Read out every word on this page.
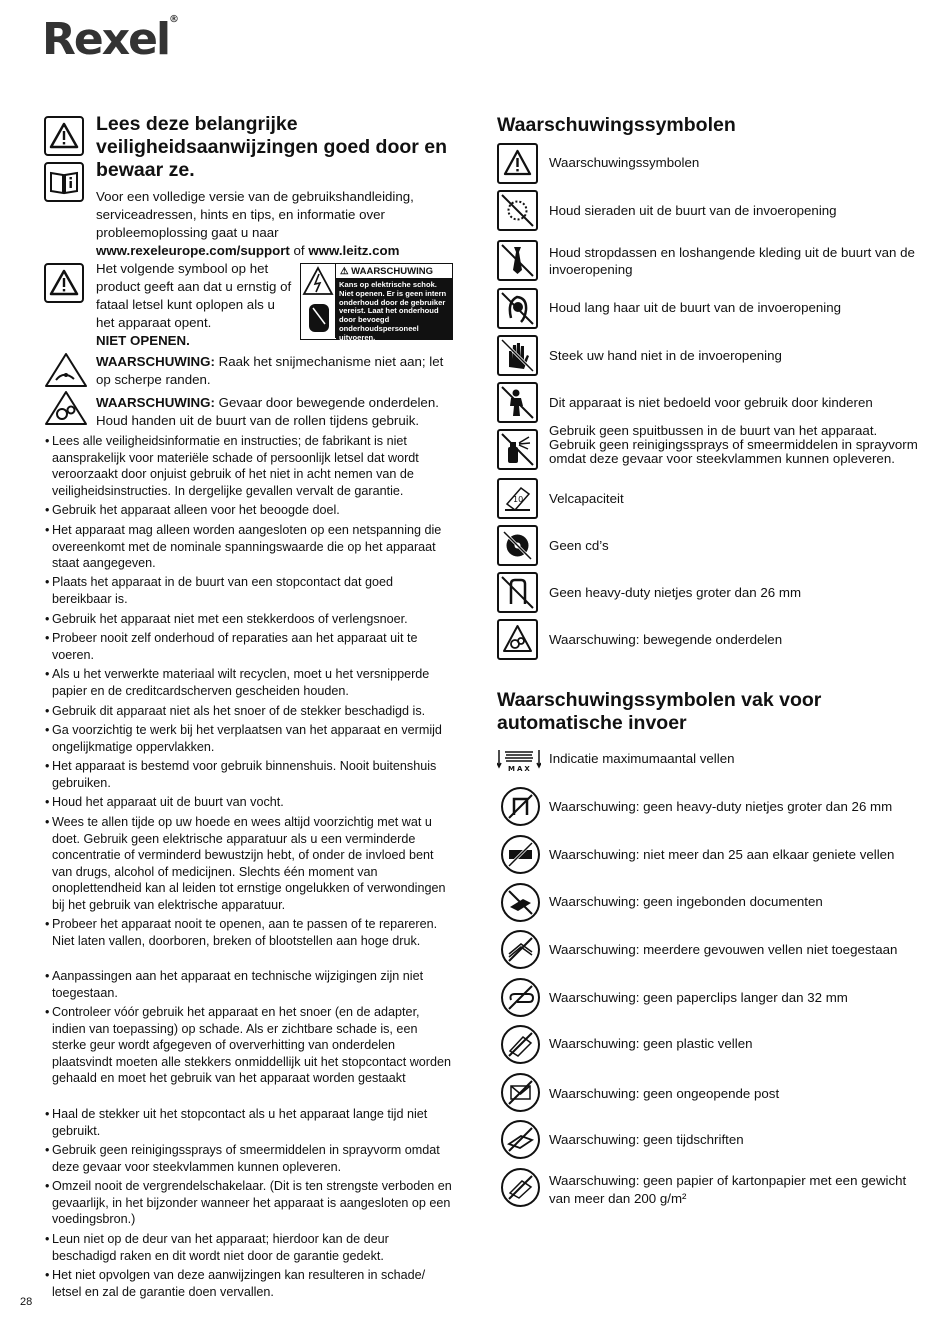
Rexel®
Lees deze belangrijke veiligheidsaanwijzingen goed door en bewaar ze.
Voor een volledige versie van de gebruikshandleiding, serviceadressen, hints en tips, en informatie over probleemoplossing gaat u naar
www.rexeleurope.com/support of www.leitz.com
Het volgende symbool op het product geeft aan dat u ernstig of fataal letsel kunt oplopen als u het apparaat opent.
NIET OPENEN.
⚠ WAARSCHUWING
Kans op elektrische schok. Niet openen. Er is geen intern onderhoud door de gebruiker vereist. Laat het onderhoud door bevoegd onderhoudspersoneel uitvoeren.
WAARSCHUWING: Raak het snijmechanisme niet aan; let op scherpe randen.
WAARSCHUWING: Gevaar door bewegende onderdelen. Houd handen uit de buurt van de rollen tijdens gebruik.
• Lees alle veiligheidsinformatie en instructies; de fabrikant is niet aansprakelijk voor materiële schade of persoonlijk letsel dat wordt veroorzaakt door onjuist gebruik of het niet in acht nemen van de veiligheidsinstructies. In dergelijke gevallen vervalt de garantie.
• Gebruik het apparaat alleen voor het beoogde doel.
• Het apparaat mag alleen worden aangesloten op een netspanning die overeenkomt met de nominale spanningswaarde die op het apparaat staat aangegeven.
• Plaats het apparaat in de buurt van een stopcontact dat goed bereikbaar is.
• Gebruik het apparaat niet met een stekkerdoos of verlengsnoer.
• Probeer nooit zelf onderhoud of reparaties aan het apparaat uit te voeren.
• Als u het verwerkte materiaal wilt recyclen, moet u het versnipperde papier en de creditcardscherven gescheiden houden.
• Gebruik dit apparaat niet als het snoer of de stekker beschadigd is.
• Ga voorzichtig te werk bij het verplaatsen van het apparaat en vermijd ongelijkmatige oppervlakken.
• Het apparaat is bestemd voor gebruik binnenshuis. Nooit buitenshuis gebruiken.
• Houd het apparaat uit de buurt van vocht.
• Wees te allen tijde op uw hoede en wees altijd voorzichtig met wat u doet. Gebruik geen elektrische apparatuur als u een verminderde concentratie of verminderd bewustzijn hebt, of onder de invloed bent van drugs, alcohol of medicijnen. Slechts één moment van onoplettendheid kan al leiden tot ernstige ongelukken of verwondingen bij het gebruik van elektrische apparatuur.
• Probeer het apparaat nooit te openen, aan te passen of te repareren. Niet laten vallen, doorboren, breken of blootstellen aan hoge druk.
• Aanpassingen aan het apparaat en technische wijzigingen zijn niet toegestaan.
• Controleer vóór gebruik het apparaat en het snoer (en de adapter, indien van toepassing) op schade. Als er zichtbare schade is, een sterke geur wordt afgegeven of oververhitting van onderdelen plaatsvindt moeten alle stekkers onmiddellijk uit het stopcontact worden gehaald en moet het gebruik van het apparaat worden gestaakt
• Haal de stekker uit het stopcontact als u het apparaat lange tijd niet gebruikt.
• Gebruik geen reinigingssprays of smeermiddelen in sprayvorm omdat deze gevaar voor steekvlammen kunnen opleveren.
• Omzeil nooit de vergrendelschakelaar. (Dit is ten strengste verboden en gevaarlijk, in het bijzonder wanneer het apparaat is aangesloten op een voedingsbron.)
• Leun niet op de deur van het apparaat; hierdoor kan de deur beschadigd raken en dit wordt niet door de garantie gedekt.
• Het niet opvolgen van deze aanwijzingen kan resulteren in schade/ letsel en zal de garantie doen vervallen.
Waarschuwingssymbolen
Waarschuwingssymbolen
Houd sieraden uit de buurt van de invoeropening
Houd stropdassen en loshangende kleding uit de buurt van de invoeropening
Houd lang haar uit de buurt van de invoeropening
Steek uw hand niet in de invoeropening
Dit apparaat is niet bedoeld voor gebruik door kinderen
Gebruik geen spuitbussen in de buurt van het apparaat. Gebruik geen reinigingssprays of smeermiddelen in sprayvorm omdat deze gevaar voor steekvlammen kunnen opleveren.
10 Velcapaciteit
Geen cd’s
Geen heavy-duty nietjes groter dan 26 mm
Waarschuwing: bewegende onderdelen
Waarschuwingssymbolen vak voor automatische invoer
MAX
Indicatie maximumaantal vellen
Waarschuwing: geen heavy-duty nietjes groter dan 26 mm
Waarschuwing: niet meer dan 25 aan elkaar geniete vellen
Waarschuwing: geen ingebonden documenten
Waarschuwing: meerdere gevouwen vellen niet toegestaan
Waarschuwing: geen paperclips langer dan 32 mm
Waarschuwing: geen plastic vellen
Waarschuwing: geen ongeopende post
Waarschuwing: geen tijdschriften
Waarschuwing: geen papier of kartonpapier met een gewicht van meer dan 200 g/m²
28
